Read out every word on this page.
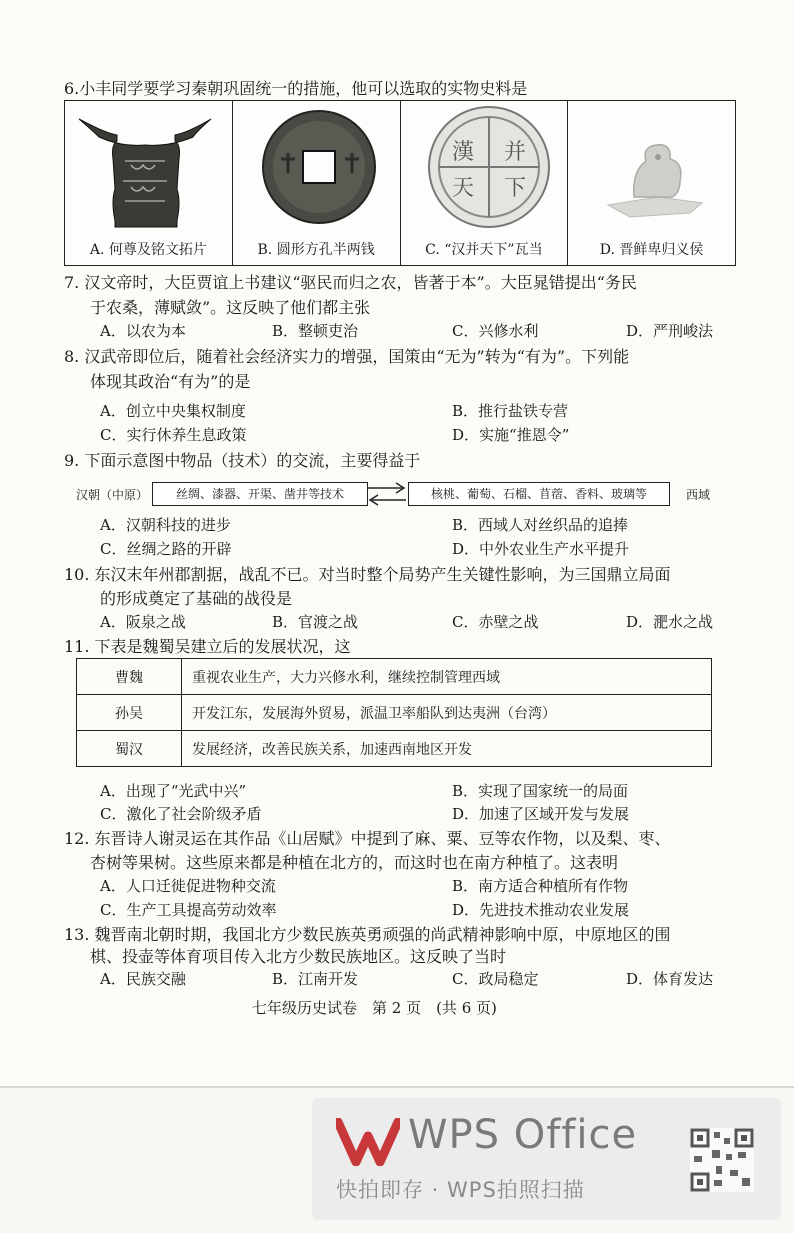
6.小丰同学要学习秦朝巩固统一的措施，他可以选取的实物史料是
A. 何尊及铭文拓片	B. 圆形方孔半两钱
漢 并
天 下
C. “汉并天下”瓦当	D. 晋鲜卑归义侯
7. 汉文帝时，大臣贾谊上书建议“驱民而归之农，皆著于本”。大臣晁错提出“务民
于农桑，薄赋敛”。这反映了他们都主张
A．以农为本	B．整顿吏治	C．兴修水利	D．严刑峻法
8. 汉武帝即位后，随着社会经济实力的增强，国策由“无为”转为“有为”。下列能
体现其政治“有为”的是
A．创立中央集权制度	B．推行盐铁专营
C．实行休养生息政策	D．实施“推恩令”
9. 下面示意图中物品（技术）的交流，主要得益于
汉朝（中原）	丝绸、漆器、开渠、凿井等技术	核桃、葡萄、石榴、苜蓿、香料、玻璃等	西域
A．汉朝科技的进步	B．西域人对丝织品的追捧
C．丝绸之路的开辟	D．中外农业生产水平提升
10. 东汉末年州郡割据，战乱不已。对当时整个局势产生关键性影响，为三国鼎立局面
的形成奠定了基础的战役是
A．阪泉之战	B．官渡之战	C．赤壁之战	D．淝水之战
11. 下表是魏蜀吴建立后的发展状况，这
曹魏	重视农业生产，大力兴修水利，继续控制管理西域
孙吴	开发江东，发展海外贸易，派温卫率船队到达夷洲（台湾）
蜀汉	发展经济，改善民族关系，加速西南地区开发
A．出现了“光武中兴”	B．实现了国家统一的局面
C．激化了社会阶级矛盾	D．加速了区域开发与发展
12. 东晋诗人谢灵运在其作品《山居赋》中提到了麻、粟、豆等农作物，以及梨、枣、
杏树等果树。这些原来都是种植在北方的，而这时也在南方种植了。这表明
A．人口迁徙促进物种交流	B．南方适合种植所有作物
C．生产工具提高劳动效率	D．先进技术推动农业发展
13. 魏晋南北朝时期，我国北方少数民族英勇顽强的尚武精神影响中原，中原地区的围
棋、投壶等体育项目传入北方少数民族地区。这反映了当时
A．民族交融	B．江南开发	C．政局稳定	D．体育发达
七年级历史试卷　第 2 页　(共 6 页)
WPS Office
快拍即存 · WPS拍照扫描
